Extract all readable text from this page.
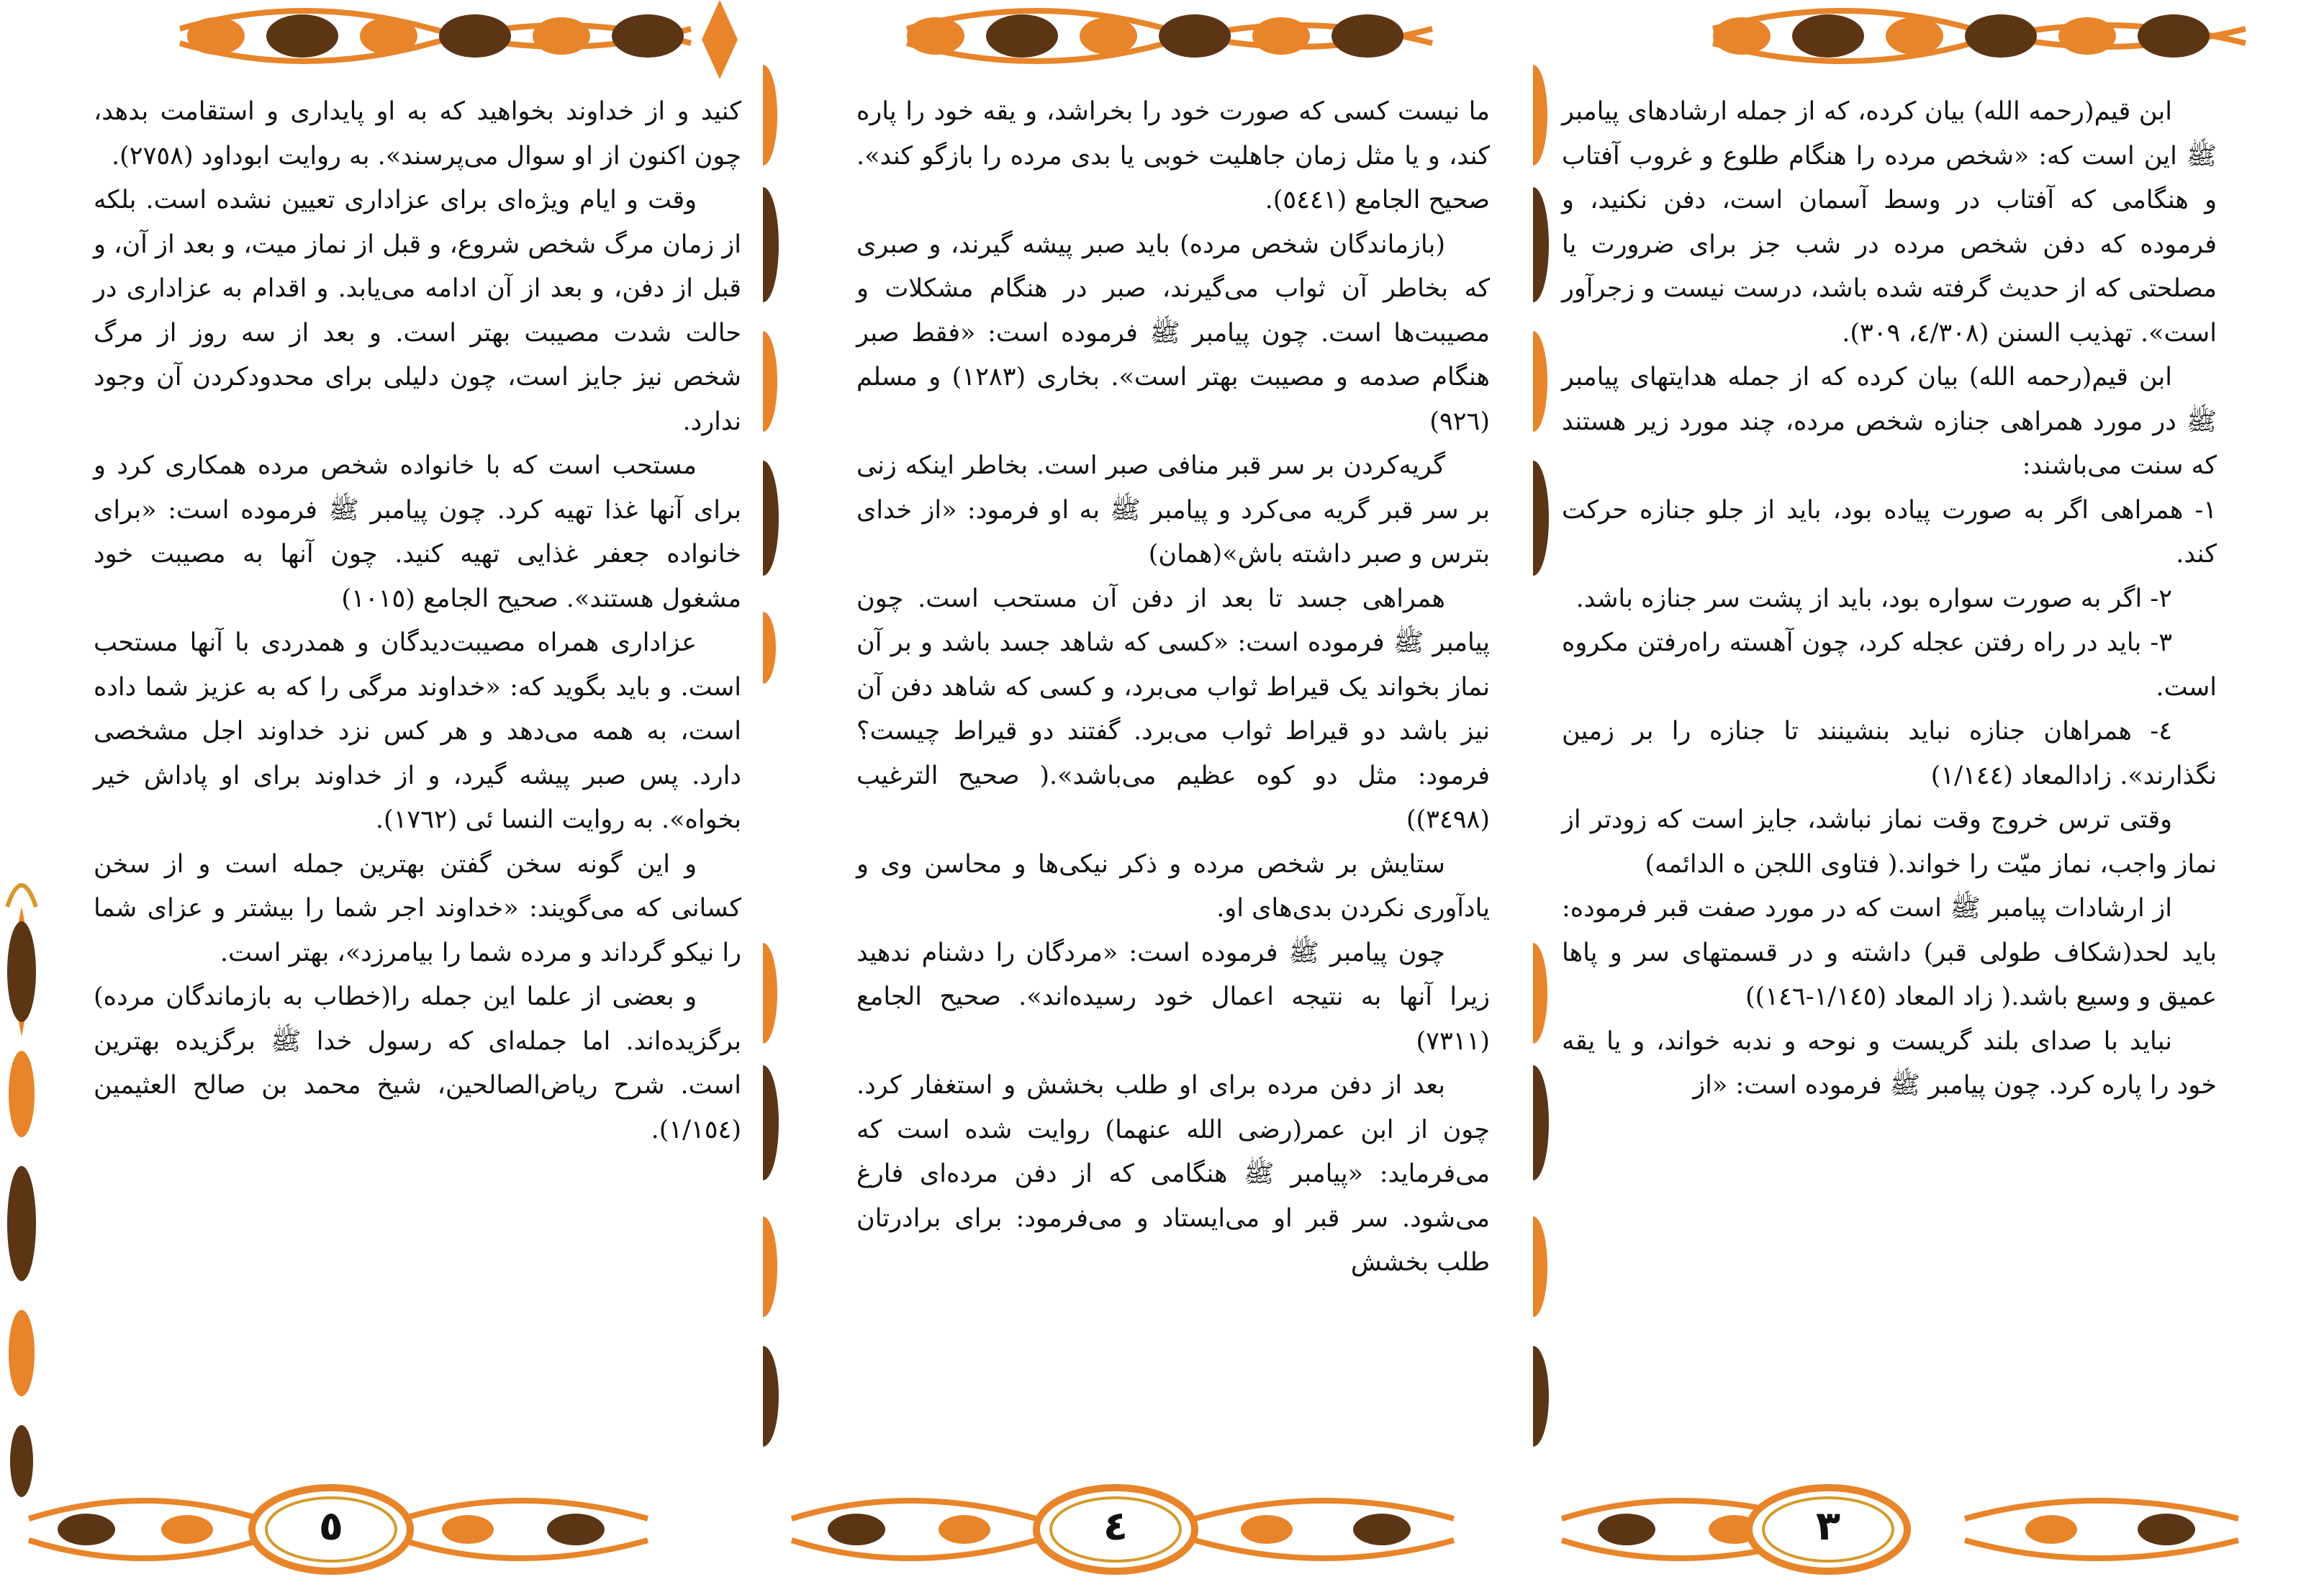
کنید و از خداوند بخواهید که به او پایداری و استقامت بدهد، چون اکنون از او سوال می‌پرسند». به روایت ابوداود (٢٧٥٨).

وقت و ایام ویژه‌ای برای عزاداری تعیین نشده است. بلکه از زمان مرگ شخص شروع، و قبل از نماز میت، و بعد از آن، و قبل از دفن، و بعد از آن ادامه می‌یابد. و اقدام به عزاداری در حالت شدت مصیبت بهتر است. و بعد از سه روز از مرگ شخص نیز جایز است، چون دلیلی برای محدودکردن آن وجود ندارد.

مستحب است که با خانواده شخص مرده همکاری کرد و برای آنها غذا تهیه کرد. چون پیامبر ﷺ فرموده است: «برای خانواده جعفر غذایی تهیه کنید. چون آنها به مصیبت خود مشغول هستند». صحیح الجامع (١٠١٥)

عزاداری همراه مصیبت‌دیدگان و همدردی با آنها مستحب است. و باید بگوید که: «خداوند مرگی را که به عزیز شما داده است، به همه می‌دهد و هر کس نزد خداوند اجل مشخصی دارد. پس صبر پیشه گیرد، و از خداوند برای او پاداش خیر بخواه». به روایت النسا ئی (١٧٦٢).

و این گونه سخن گفتن بهترین جمله است و از سخن کسانی که می‌گویند: «خداوند اجر شما را بیشتر و عزای شما را نیکو گرداند و مرده شما را بیامرزد»، بهتر است.

و بعضی از علما این جمله را(خطاب به بازماندگان مرده) برگزیده‌اند. اما جمله‌ای که رسول خدا ﷺ برگزیده بهترین است. شرح ریاض‌الصالحین، شیخ محمد بن صالح العثیمین (١/١٥٤).

٥

ما نیست کسی که صورت خود را بخراشد، و یقه خود را پاره کند، و یا مثل زمان جاهلیت خوبی یا بدی مرده را بازگو کند». صحیح الجامع (٥٤٤١).

(بازماندگان شخص مرده) باید صبر پیشه گیرند، و صبری که بخاطر آن ثواب می‌گیرند، صبر در هنگام مشکلات و مصیبت‌ها است. چون پیامبر ﷺ فرموده است: «فقط صبر هنگام صدمه و مصیبت بهتر است». بخاری (١٢٨٣) و مسلم (٩٢٦)

گریه‌کردن بر سر قبر منافی صبر است. بخاطر اینکه زنی بر سر قبر گریه می‌کرد و پیامبر ﷺ به او فرمود: «از خدای بترس و صبر داشته باش»(همان)

همراهی جسد تا بعد از دفن آن مستحب است. چون پیامبر ﷺ فرموده است: «کسی که شاهد جسد باشد و بر آن نماز بخواند یک قیراط ثواب می‌برد، و کسی که شاهد دفن آن نیز باشد دو قیراط ثواب می‌برد. گفتند دو قیراط چیست؟ فرمود: مثل دو کوه عظیم می‌باشد».( صحیح الترغیب (٣٤٩٨))

ستایش بر شخص مرده و ذکر نیکی‌ها و محاسن وی و یادآوری نکردن بدی‌های او.

چون پیامبر ﷺ فرموده است: «مردگان را دشنام ندهید زیرا آنها به نتیجه اعمال خود رسیده‌اند». صحیح الجامع (٧٣١١)

بعد از دفن مرده برای او طلب بخشش و استغفار کرد. چون از ابن عمر(رضی الله عنهما) روایت شده است که می‌فرماید: «پیامبر ﷺ هنگامی که از دفن مرده‌ای فارغ می‌شود. سر قبر او می‌ایستاد و می‌فرمود: برای برادرتان طلب بخشش

٤

ابن قیم(رحمه الله) بیان کرده، که از جمله ارشادهای پیامبر ﷺ این است که: «شخص مرده را هنگام طلوع و غروب آفتاب و هنگامی که آفتاب در وسط آسمان است، دفن نکنید، و فرموده که دفن شخص مرده در شب جز برای ضرورت یا مصلحتی که از حدیث گرفته شده باشد، درست نیست و زجرآور است». تهذیب السنن (٤/٣٠٨، ٣٠٩).

ابن قیم(رحمه الله) بیان کرده که از جمله هدایتهای پیامبر ﷺ در مورد همراهی جنازه شخص مرده، چند مورد زیر هستند که سنت می‌باشند:

١- همراهی اگر به صورت پیاده بود، باید از جلو جنازه حرکت کند.

٢- اگر به صورت سواره بود، باید از پشت سر جنازه باشد.

٣- باید در راه رفتن عجله کرد، چون آهسته راه‌رفتن مکروه است.

٤- همراهان جنازه نباید بنشینند تا جنازه را بر زمین نگذارند». زادالمعاد (١/١٤٤)

وقتی ترس خروج وقت نماز نباشد، جایز است که زودتر از نماز واجب، نماز میّت را خواند.( فتاوی اللجن ه الدائمه)

از ارشادات پیامبر ﷺ است که در مورد صفت قبر فرموده: باید لحد(شکاف طولی قبر) داشته و در قسمتهای سر و پاها عمیق و وسیع باشد.( زاد المعاد (١/١٤٥-١٤٦))

نباید با صدای بلند گریست و نوحه و ندبه خواند، و یا یقه خود را پاره کرد. چون پیامبر ﷺ فرموده است: «از

۳
